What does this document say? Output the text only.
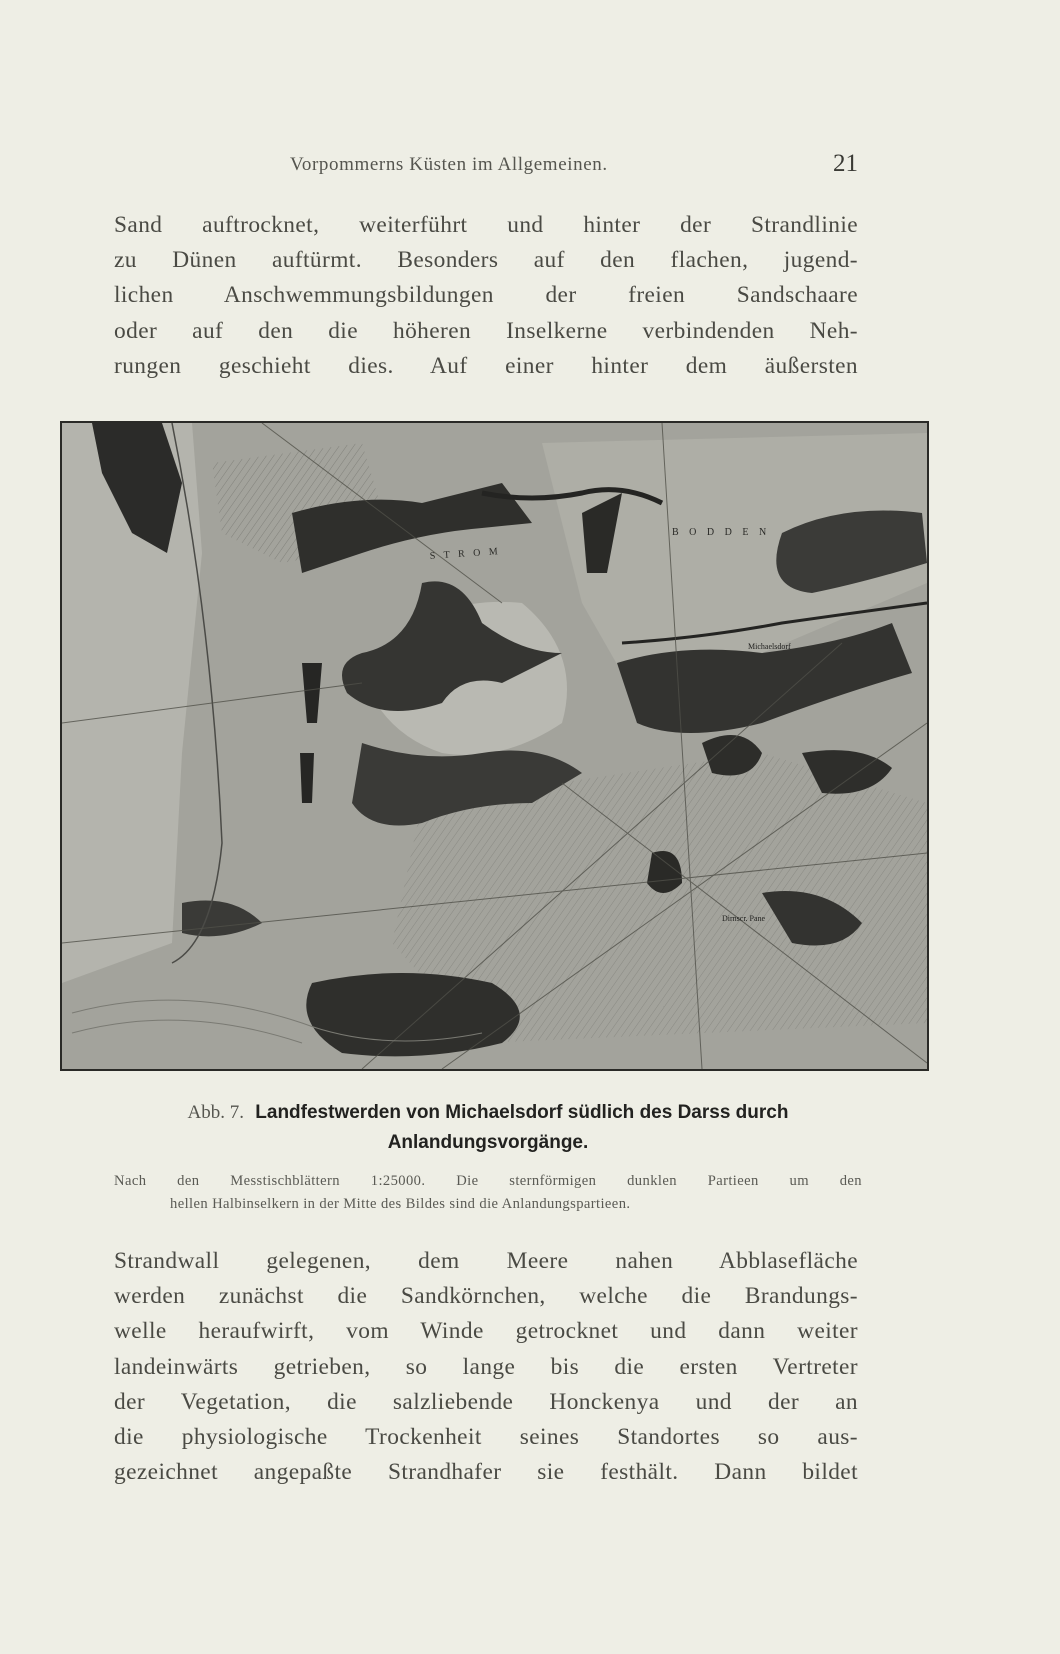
Vorpommerns Küsten im Allgemeinen.	21
Sand auftrocknet, weiterführt und hinter der Strandlinie
zu Dünen auftürmt. Besonders auf den flachen, jugend-
lichen Anschwemmungsbildungen der freien Sandschaare
oder auf den die höheren Inselkerne verbindenden Neh-
rungen geschieht dies. Auf einer hinter dem äußersten
B O D D E N
S T R O M
Michaelsdorf
Dirnscr. Pane
Abb. 7. Landfestwerden von Michaelsdorf südlich des Darss durch
Anlandungsvorgänge.
Nach den Messtischblättern 1:25000. Die sternförmigen dunklen Partieen um den
hellen Halbinselkern in der Mitte des Bildes sind die Anlandungspartieen.
Strandwall gelegenen, dem Meere nahen Abblasefläche
werden zunächst die Sandkörnchen, welche die Brandungs-
welle heraufwirft, vom Winde getrocknet und dann weiter
landeinwärts getrieben, so lange bis die ersten Vertreter
der Vegetation, die salzliebende Honckenya und der an
die physiologische Trockenheit seines Standortes so aus-
gezeichnet angepaßte Strandhafer sie festhält. Dann bildet
